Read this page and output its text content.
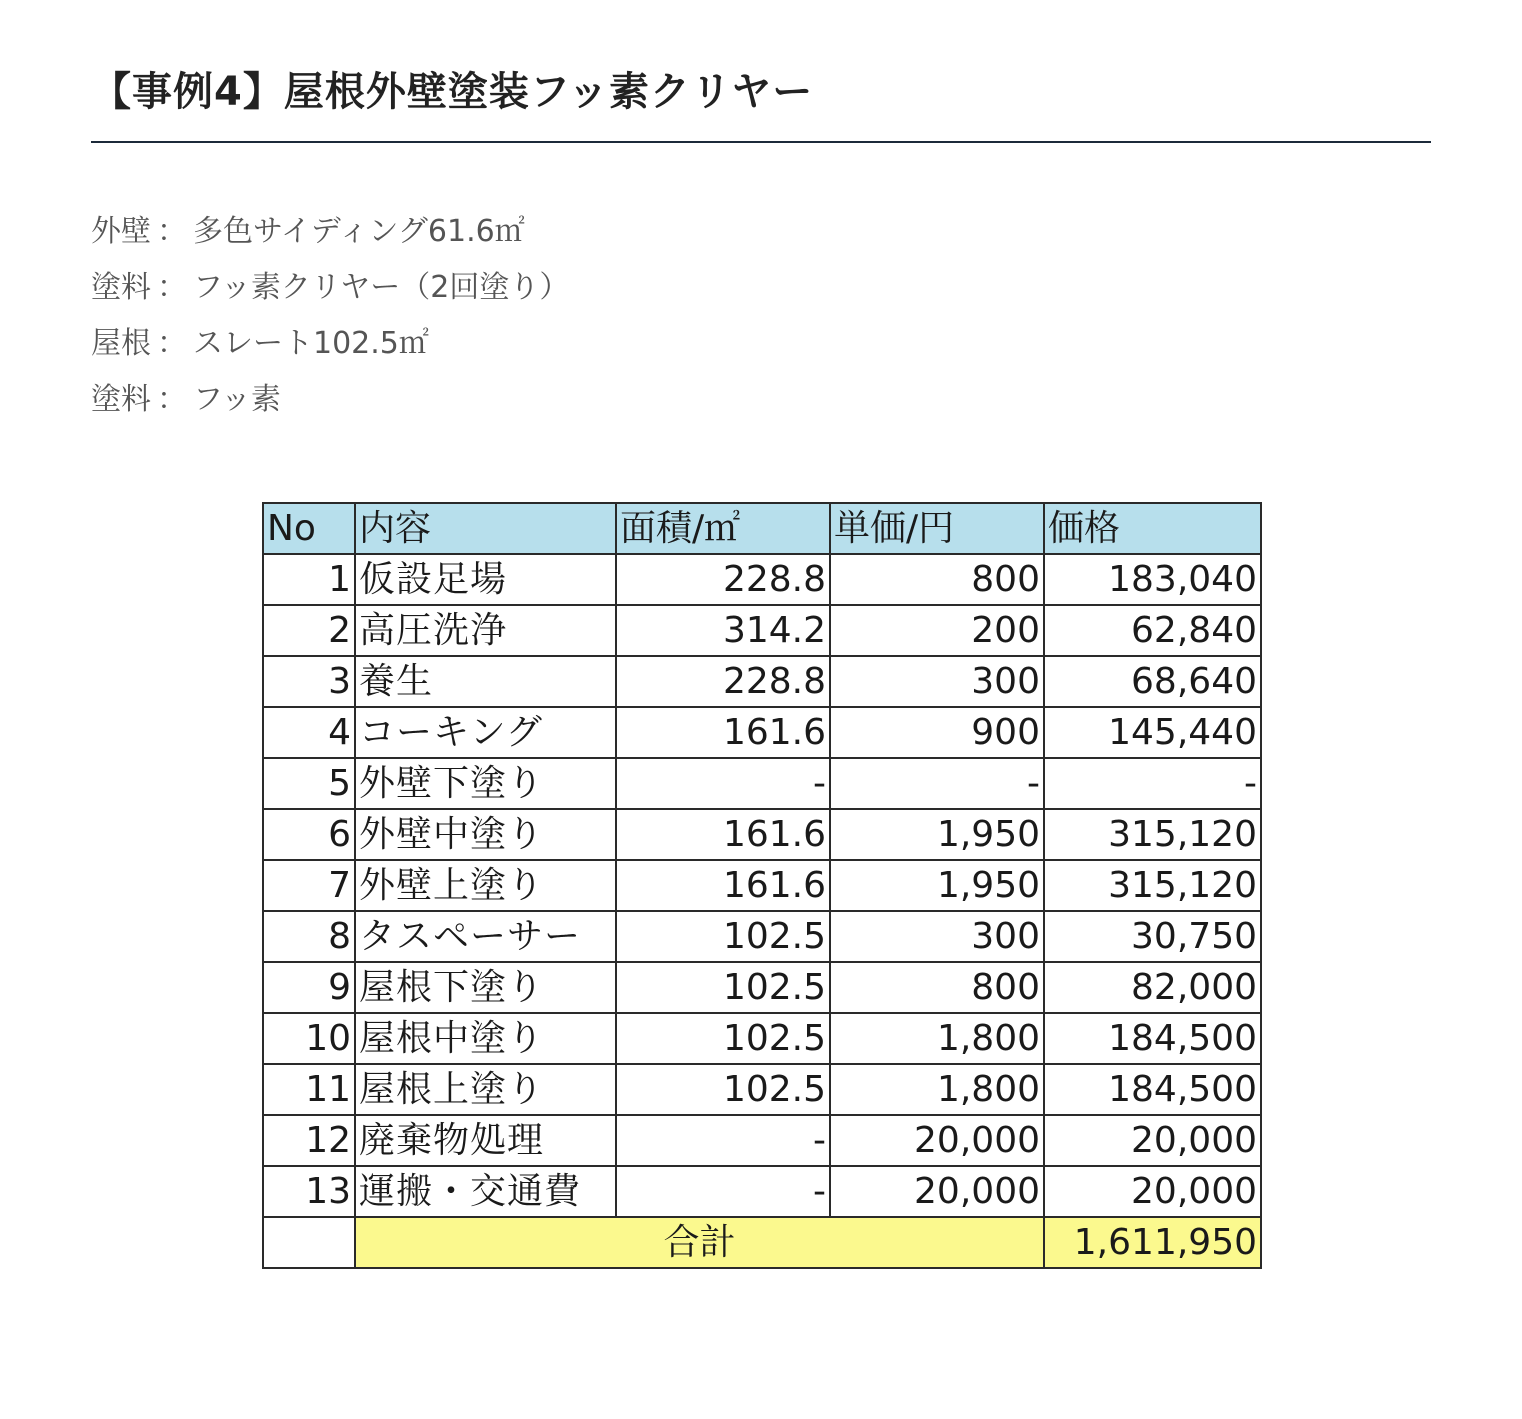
【事例4】屋根外壁塗装フッ素クリヤー
外壁 ： 多色サイディング61.6㎡
塗料 ： フッ素クリヤー（2回塗り）
屋根 ： スレート102.5㎡
塗料 ： フッ素
No	内容	面積/㎡	単価/円	価格
1	仮設足場	228.8	800	183,040
2	高圧洗浄	314.2	200	62,840
3	養生	228.8	300	68,640
4	コーキング	161.6	900	145,440
5	外壁下塗り	-	-	-
6	外壁中塗り	161.6	1,950	315,120
7	外壁上塗り	161.6	1,950	315,120
8	タスペーサー	102.5	300	30,750
9	屋根下塗り	102.5	800	82,000
10	屋根中塗り	102.5	1,800	184,500
11	屋根上塗り	102.5	1,800	184,500
12	廃棄物処理	-	20,000	20,000
13	運搬・交通費	-	20,000	20,000
	合計			1,611,950
